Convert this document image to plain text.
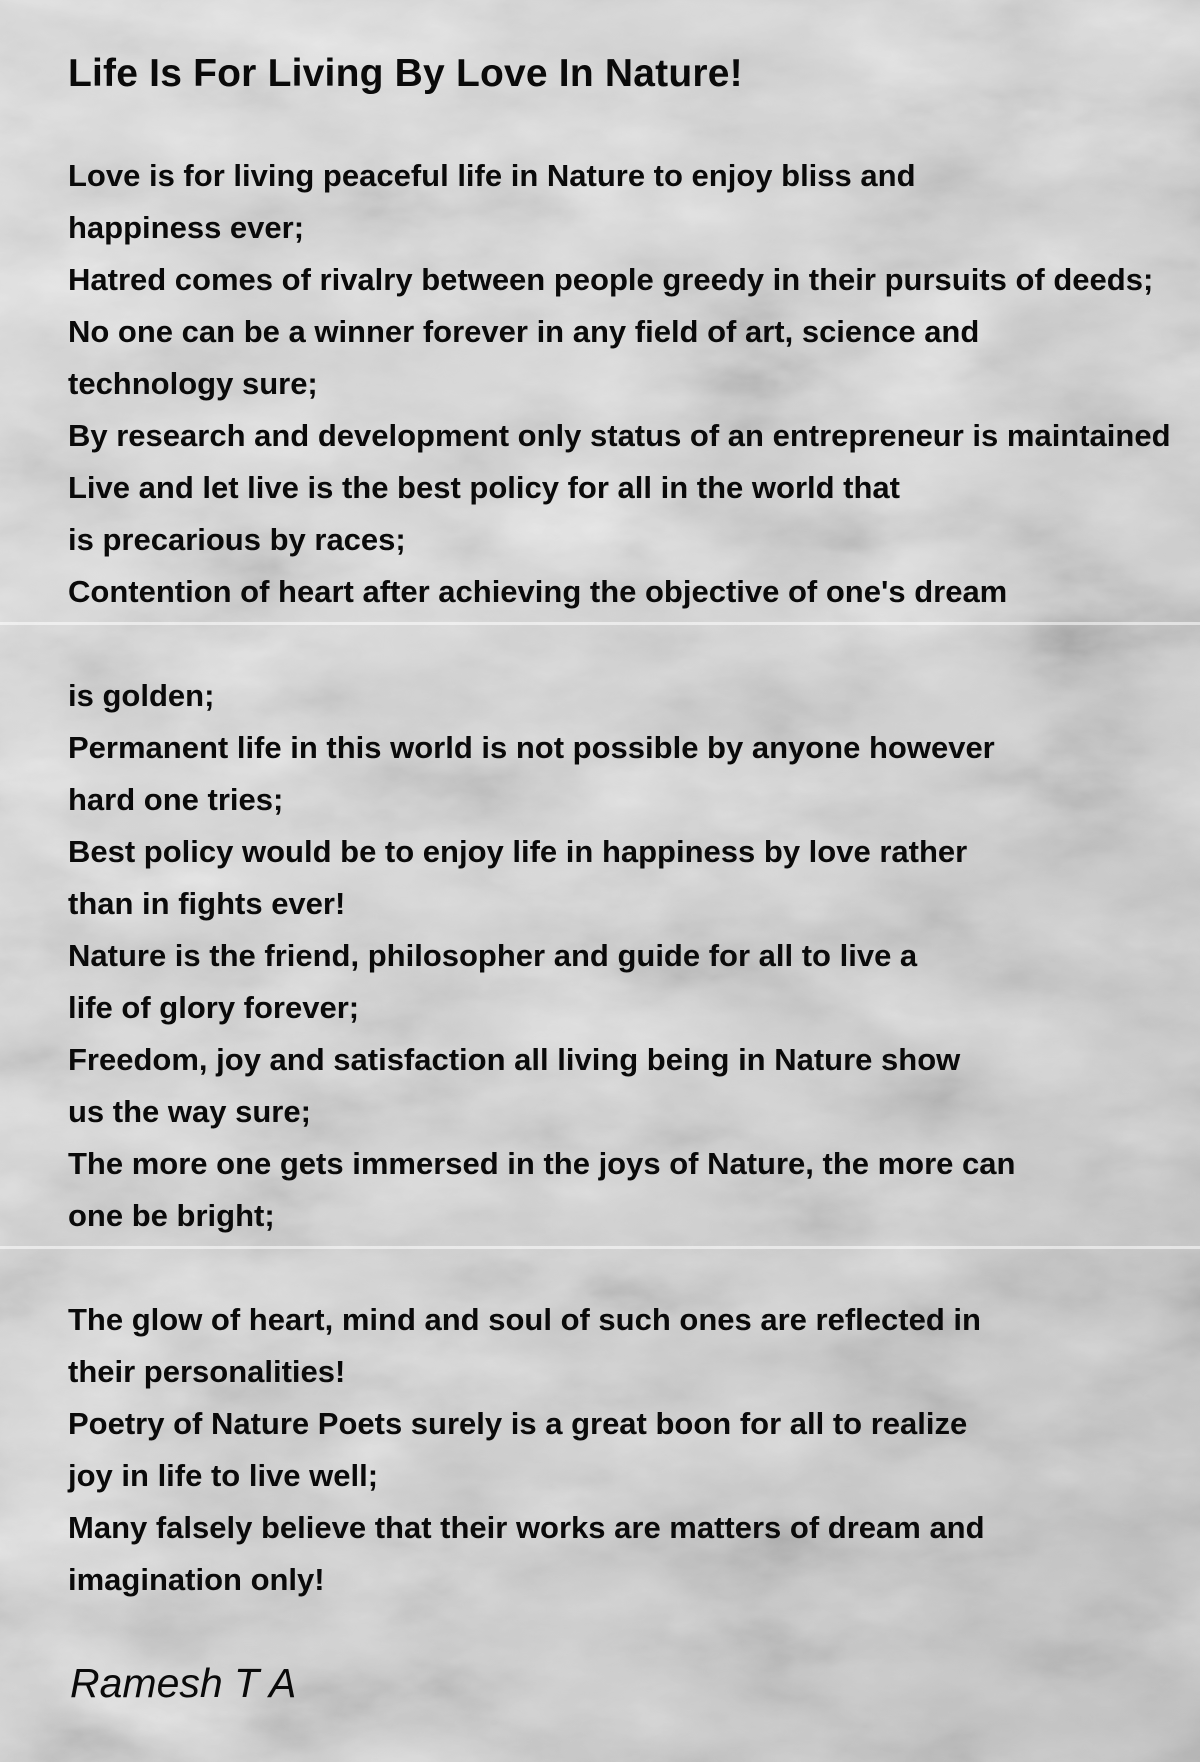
Life Is For Living By Love In Nature!
Love is for living peaceful life in Nature to enjoy bliss and
happiness ever;
Hatred comes of rivalry between people greedy in their pursuits of deeds;
No one can be a winner forever in any field of art, science and
technology sure;
By research and development only status of an entrepreneur is maintained
Live and let live is the best policy for all in the world that
is precarious by races;
Contention of heart after achieving the objective of one's dream
is golden;
Permanent life in this world is not possible by anyone however
hard one tries;
Best policy would be to enjoy life in happiness by love rather
than in fights ever!
Nature is the friend, philosopher and guide for all to live a
life of glory forever;
Freedom, joy and satisfaction all living being in Nature show
us the way sure;
The more one gets immersed in the joys of Nature, the more can
one be bright;
The glow of heart, mind and soul of such ones are reflected in
their personalities!
Poetry of Nature Poets surely is a great boon for all to realize
joy in life to live well;
Many falsely believe that their works are matters of dream and
imagination only!

Ramesh T A
